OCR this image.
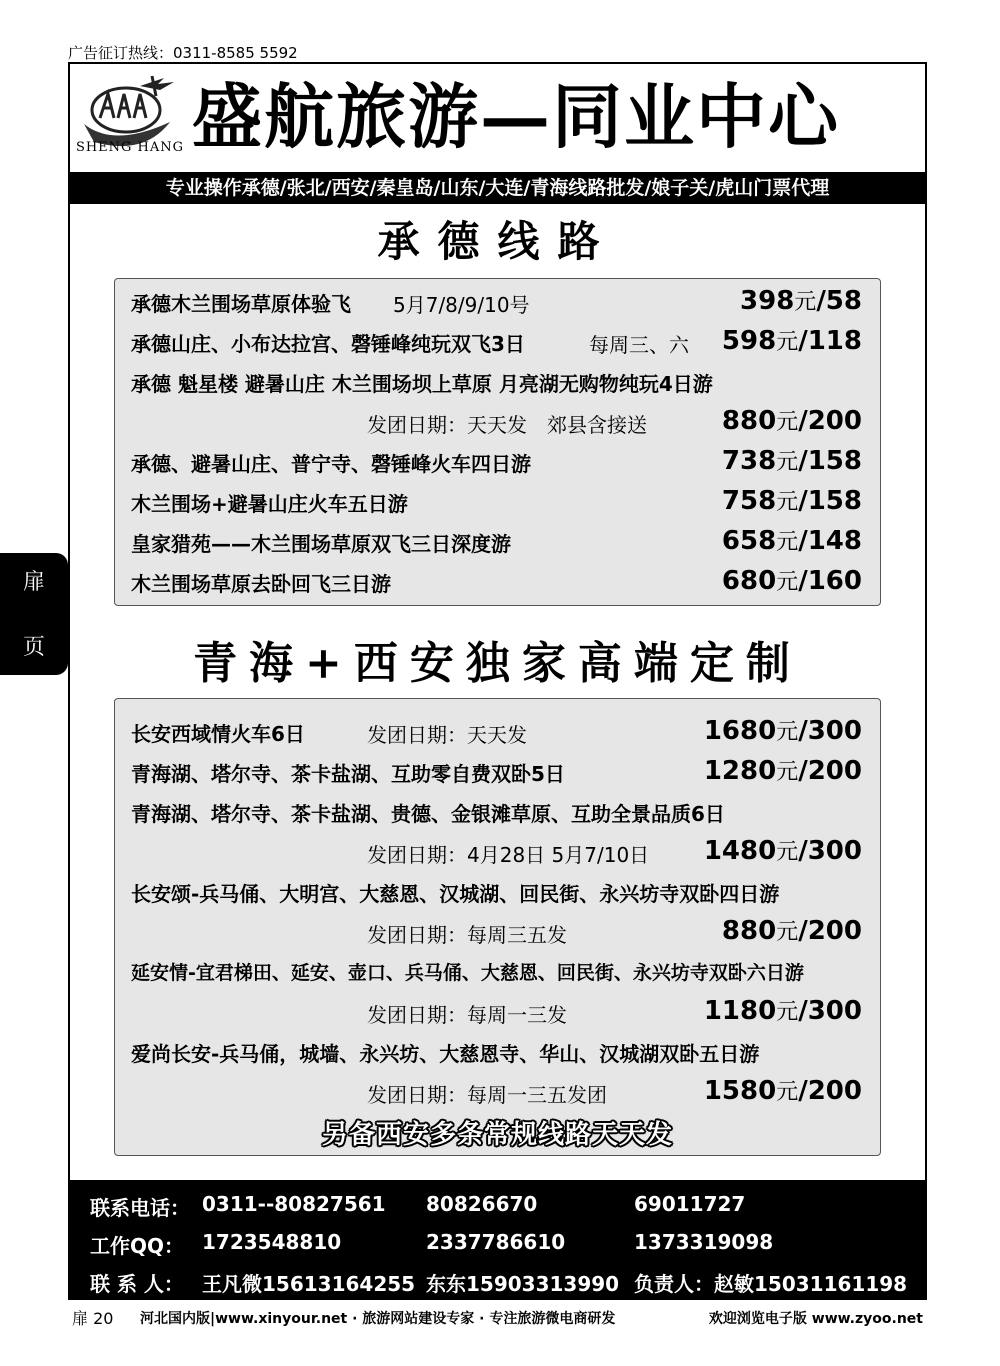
广告征订热线：0311-8585 5592
SHENG HANG 盛航旅游—同业中心
专业操作承德/张北/西安/秦皇岛/山东/大连/青海线路批发/娘子关/虎山门票代理
承德线路
承德木兰围场草原体验飞 5月7/8/9/10号	398元/58
承德山庄、小布达拉宫、磬锤峰纯玩双飞3日	每周三、六 598元/118
承德 魁星楼 避暑山庄 木兰围场坝上草原 月亮湖无购物纯玩4日游
发团日期：天天发　郊县含接送	880元/200
承德、避暑山庄、普宁寺、磬锤峰火车四日游	738元/158
木兰围场+避暑山庄火车五日游	758元/158
皇家猎苑——木兰围场草原双飞三日深度游	658元/148
木兰围场草原去卧回飞三日游	680元/160
青海+西安独家高端定制
长安西域情火车6日	发团日期：天天发	1680元/300
青海湖、塔尔寺、茶卡盐湖、互助零自费双卧5日	1280元/200
青海湖、塔尔寺、茶卡盐湖、贵德、金银滩草原、互助全景品质6日
发团日期：4月28日 5月7/10日 1480元/300
长安颂-兵马俑、大明宫、大慈恩、汉城湖、回民街、永兴坊寺双卧四日游
发团日期：每周三五发	880元/200
延安情-宜君梯田、延安、壶口、兵马俑、大慈恩、回民街、永兴坊寺双卧六日游
发团日期：每周一三发	1180元/300
爱尚长安-兵马俑，城墙、永兴坊、大慈恩寺、华山、汉城湖双卧五日游
发团日期：每周一三五发团	1580元/200
另备西安多条常规线路天天发
扉
页
联系电话： 0311--80827561 80826670	69011727
工作QQ： 1723548810	2337786610	1373319098
联 系 人： 王凡微15613164255 东东15903313990 负责人：赵敏15031161198
扉 20 河北国内版|www.xinyour.net · 旅游网站建设专家 · 专注旅游微电商研发	欢迎浏览电子版 www.zyoo.net
